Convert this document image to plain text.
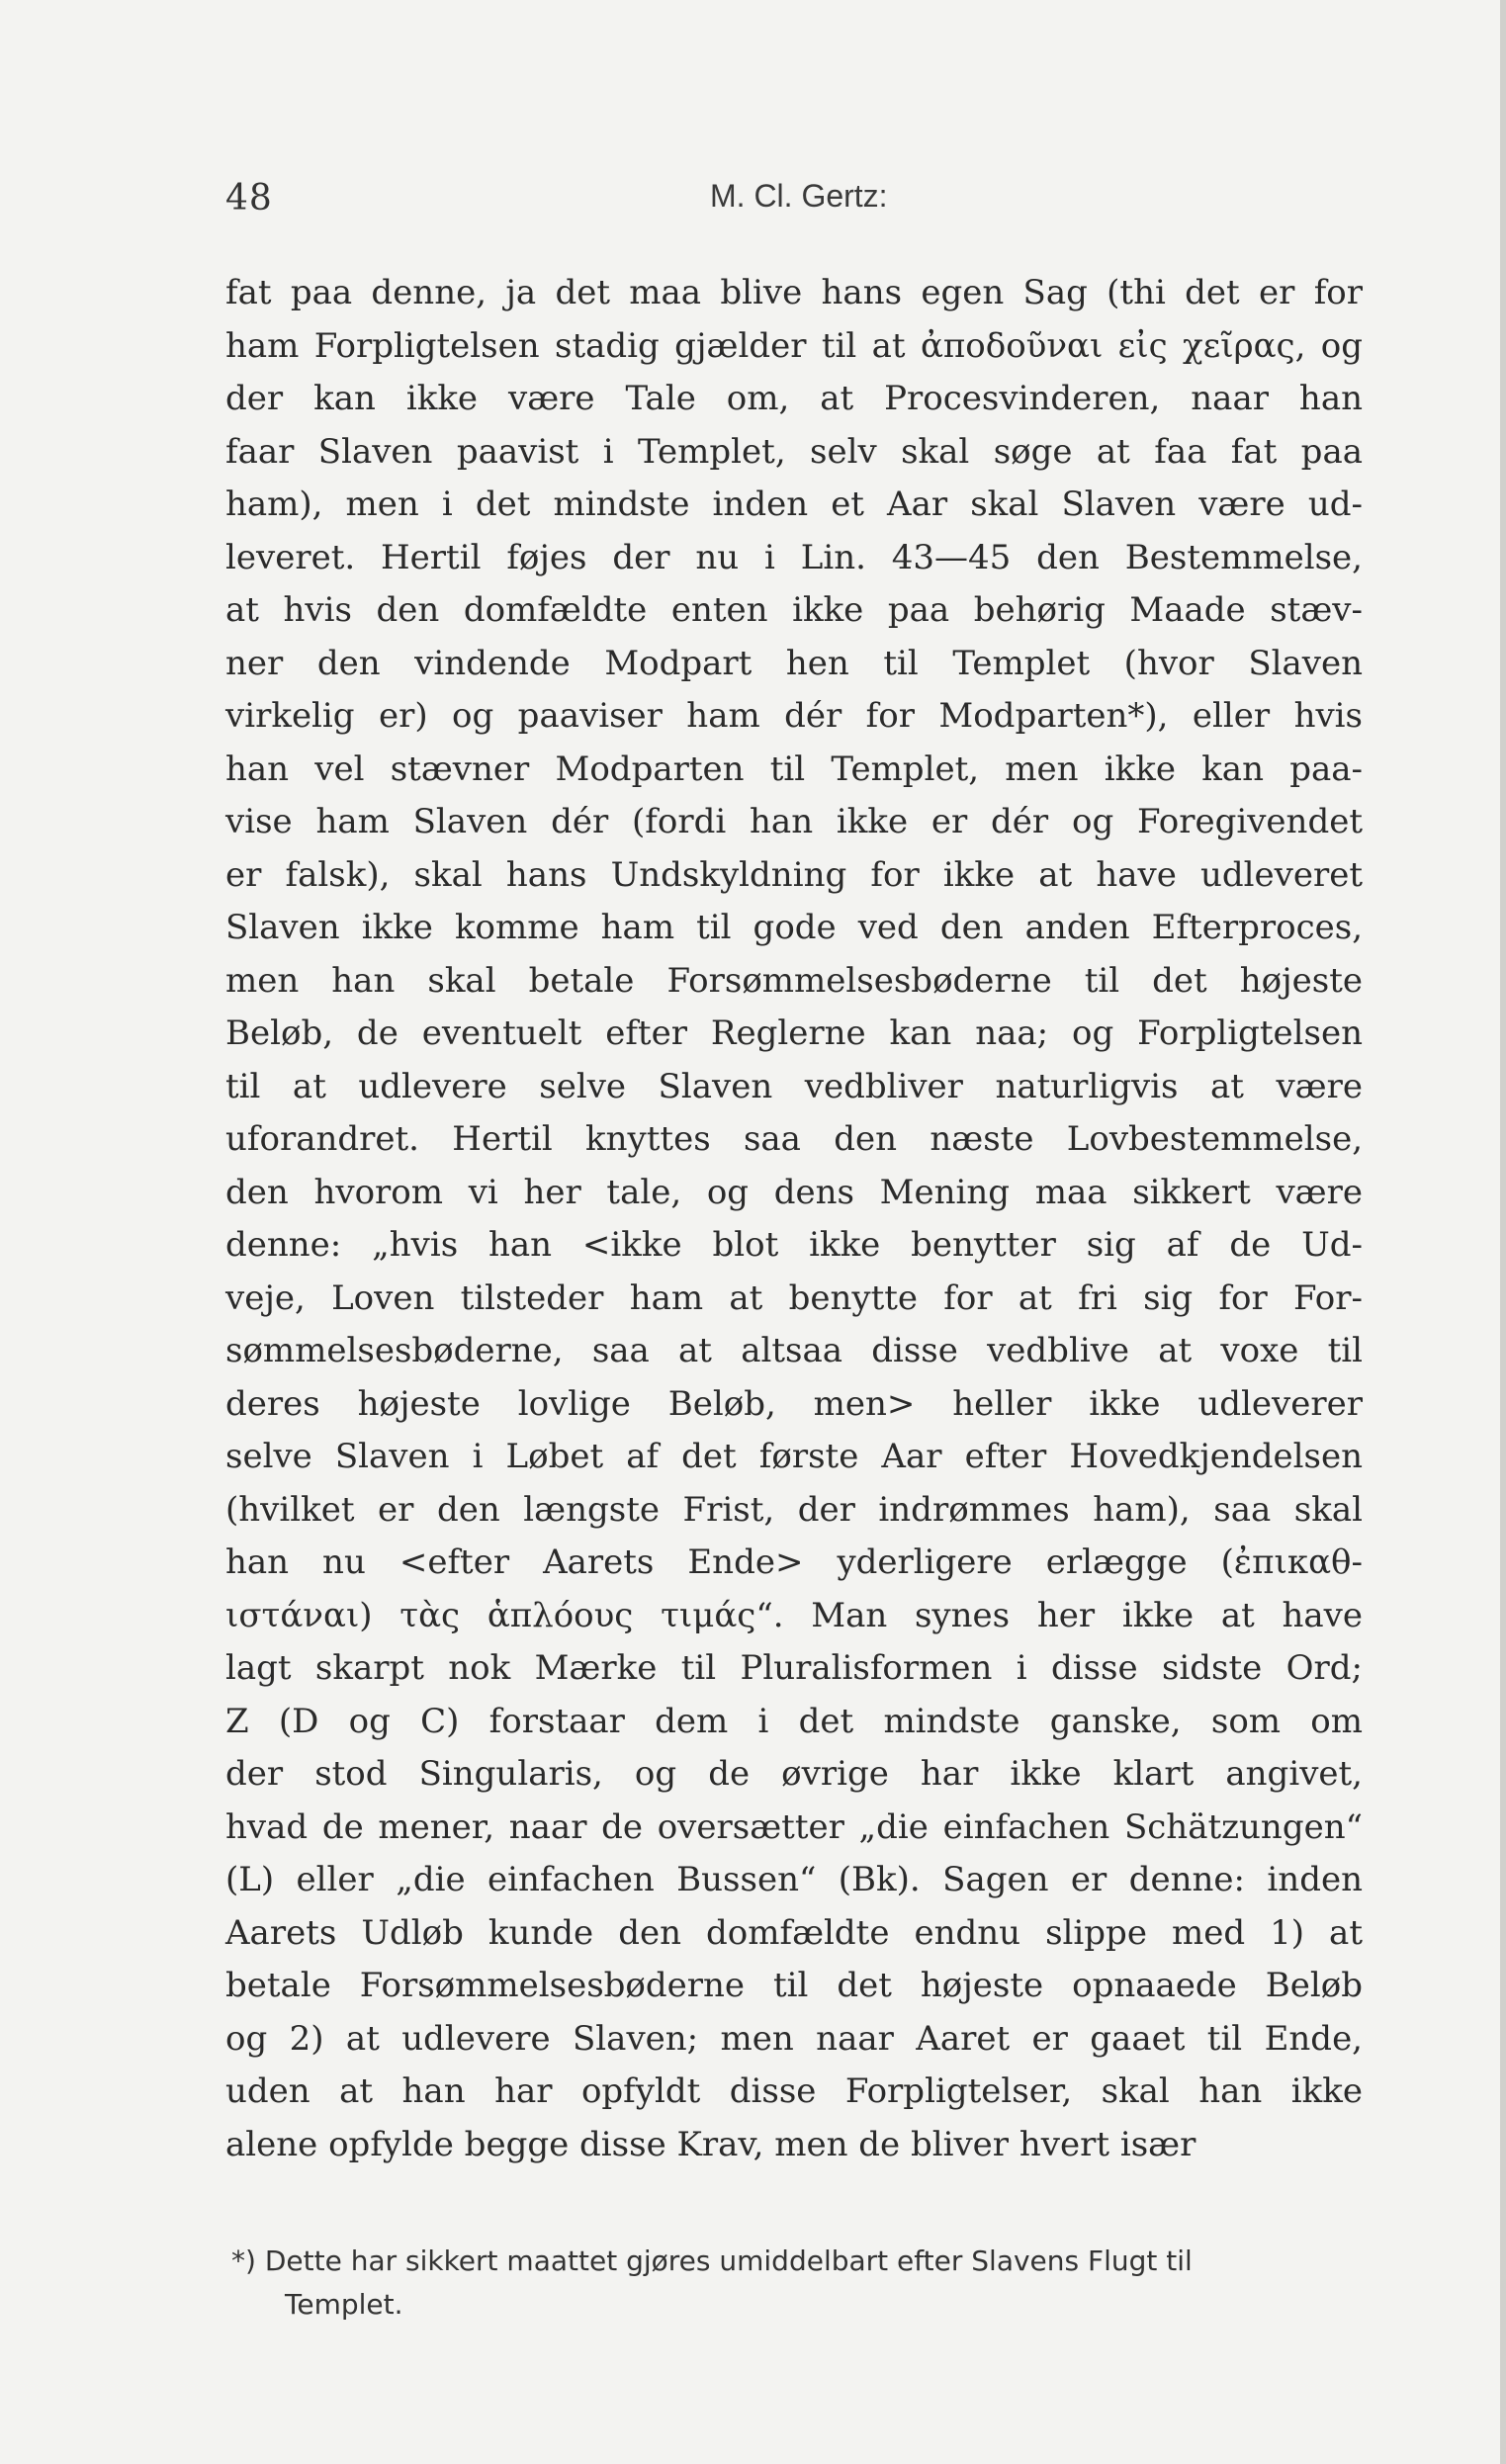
48	M. Cl. Gertz:
fat paa denne, ja det maa blive hans egen Sag (thi det er for
ham Forpligtelsen stadig gjælder til at ἀποδοῦναι εἰς χεῖρας, og
der kan ikke være Tale om, at Procesvinderen, naar han
faar Slaven paavist i Templet, selv skal søge at faa fat paa
ham), men i det mindste inden et Aar skal Slaven være ud-
leveret. Hertil føjes der nu i Lin. 43—45 den Bestemmelse,
at hvis den domfældte enten ikke paa behørig Maade stæv-
ner den vindende Modpart hen til Templet (hvor Slaven
virkelig er) og paaviser ham dér for Modparten*), eller hvis
han vel stævner Modparten til Templet, men ikke kan paa-
vise ham Slaven dér (fordi han ikke er dér og Foregivendet
er falsk), skal hans Undskyldning for ikke at have udleveret
Slaven ikke komme ham til gode ved den anden Efterproces,
men han skal betale Forsømmelsesbøderne til det højeste
Beløb, de eventuelt efter Reglerne kan naa; og Forpligtelsen
til at udlevere selve Slaven vedbliver naturligvis at være
uforandret. Hertil knyttes saa den næste Lovbestemmelse,
den hvorom vi her tale, og dens Mening maa sikkert være
denne: „hvis han <ikke blot ikke benytter sig af de Ud-
veje, Loven tilsteder ham at benytte for at fri sig for For-
sømmelsesbøderne, saa at altsaa disse vedblive at voxe til
deres højeste lovlige Beløb, men> heller ikke udleverer
selve Slaven i Løbet af det første Aar efter Hovedkjendelsen
(hvilket er den længste Frist, der indrømmes ham), saa skal
han nu <efter Aarets Ende> yderligere erlægge (ἐπικαθ-
ιστάναι) τὰς ἁπλόους τιμάς“. Man synes her ikke at have
lagt skarpt nok Mærke til Pluralisformen i disse sidste Ord;
Z (D og C) forstaar dem i det mindste ganske, som om
der stod Singularis, og de øvrige har ikke klart angivet,
hvad de mener, naar de oversætter „die einfachen Schätzungen“
(L) eller „die einfachen Bussen“ (Bk). Sagen er denne: inden
Aarets Udløb kunde den domfældte endnu slippe med 1) at
betale Forsømmelsesbøderne til det højeste opnaaede Beløb
og 2) at udlevere Slaven; men naar Aaret er gaaet til Ende,
uden at han har opfyldt disse Forpligtelser, skal han ikke
alene opfylde begge disse Krav, men de bliver hvert især
*) Dette har sikkert maattet gjøres umiddelbart efter Slavens Flugt til
Templet.
